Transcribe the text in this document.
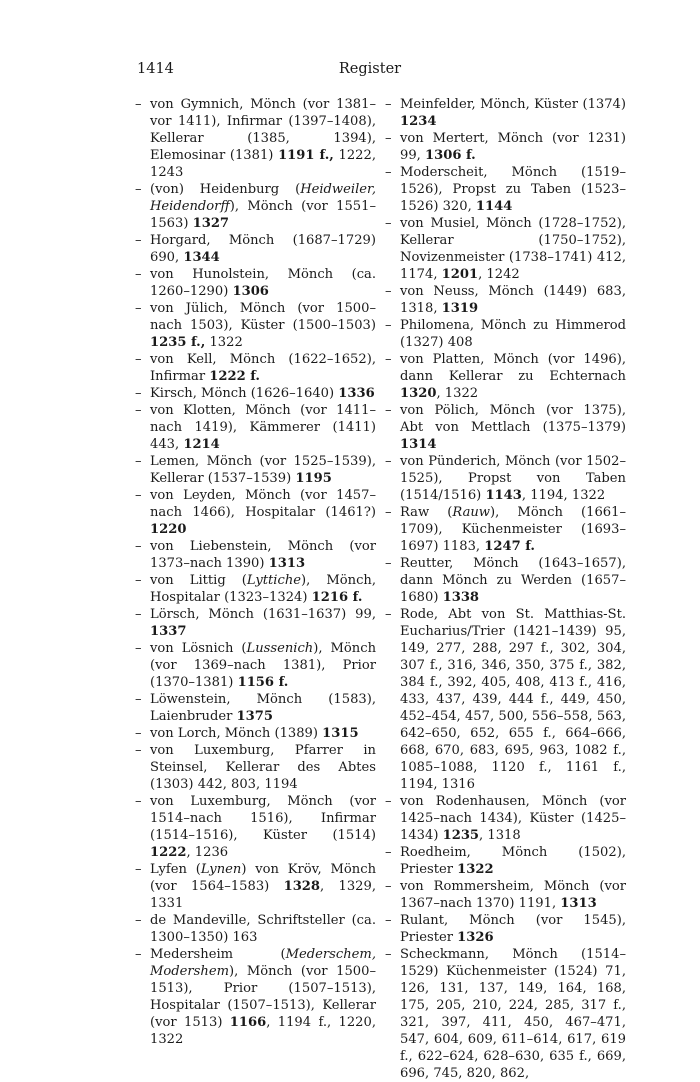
1414	Register

– von Gymnich, Mönch (vor 1381–vor 1411), Infirmar (1397–1408), Kellerar (1385, 1394), Elemosinar (1381) 1191 f., 1222, 1243

– (von) Heidenburg (Heidweiler, Heidendorff), Mönch (vor 1551–1563) 1327

– Horgard, Mönch (1687–1729) 690, 1344

– von Hunolstein, Mönch (ca. 1260–1290) 1306

– von Jülich, Mönch (vor 1500–nach 1503), Küster (1500–1503) 1235 f., 1322

– von Kell, Mönch (1622–1652), Infirmar 1222 f.

– Kirsch, Mönch (1626–1640) 1336

– von Klotten, Mönch (vor 1411–nach 1419), Kämmerer (1411) 443, 1214

– Lemen, Mönch (vor 1525–1539), Kellerar (1537–1539) 1195

– von Leyden, Mönch (vor 1457–nach 1466), Hospitalar (1461?) 1220

– von Liebenstein, Mönch (vor 1373–nach 1390) 1313

– von Littig (Lyttiche), Mönch, Hospitalar (1323–1324) 1216 f.

– Lörsch, Mönch (1631–1637) 99, 1337

– von Lösnich (Lussenich), Mönch (vor 1369–nach 1381), Prior (1370–1381) 1156 f.

– Löwenstein, Mönch (1583), Laienbruder 1375

– von Lorch, Mönch (1389) 1315

– von Luxemburg, Pfarrer in Steinsel, Kellerar des Abtes (1303) 442, 803, 1194

– von Luxemburg, Mönch (vor 1514–nach 1516), Infirmar (1514–1516), Küster (1514) 1222, 1236

– Lyfen (Lynen) von Kröv, Mönch (vor 1564–1583) 1328, 1329, 1331

– de Mandeville, Schriftsteller (ca. 1300–1350) 163

– Medersheim (Mederschem, Modershem), Mönch (vor 1500–1513), Prior (1507–1513), Hospitalar (1507–1513), Kellerar (vor 1513) 1166, 1194 f., 1220, 1322

– Meinfelder, Mönch, Küster (1374) 1234

– von Mertert, Mönch (vor 1231) 99, 1306 f.

– Moderscheit, Mönch (1519–1526), Propst zu Taben (1523–1526) 320, 1144

– von Musiel, Mönch (1728–1752), Kellerar (1750–1752), Novizenmeister (1738–1741) 412, 1174, 1201, 1242

– von Neuss, Mönch (1449) 683, 1318, 1319

– Philomena, Mönch zu Himmerod (1327) 408

– von Platten, Mönch (vor 1496), dann Kellerar zu Echternach 1320, 1322

– von Pölich, Mönch (vor 1375), Abt von Mettlach (1375–1379) 1314

– von Pünderich, Mönch (vor 1502–1525), Propst von Taben (1514/1516) 1143, 1194, 1322

– Raw (Rauw), Mönch (1661–1709), Küchenmeister (1693–1697) 1183, 1247 f.

– Reutter, Mönch (1643–1657), dann Mönch zu Werden (1657–1680) 1338

– Rode, Abt von St. Matthias-St. Eucharius/Trier (1421–1439) 95, 149, 277, 288, 297 f., 302, 304, 307 f., 316, 346, 350, 375 f., 382, 384 f., 392, 405, 408, 413 f., 416, 433, 437, 439, 444 f., 449, 450, 452–454, 457, 500, 556–558, 563, 642–650, 652, 655 f., 664–666, 668, 670, 683, 695, 963, 1082 f., 1085–1088, 1120 f., 1161 f., 1194, 1316

– von Rodenhausen, Mönch (vor 1425–nach 1434), Küster (1425–1434) 1235, 1318

– Roedheim, Mönch (1502), Priester 1322

– von Rommersheim, Mönch (vor 1367–nach 1370) 1191, 1313

– Rulant, Mönch (vor 1545), Priester 1326

– Scheckmann, Mönch (1514–1529) Küchenmeister (1524) 71, 126, 131, 137, 149, 164, 168, 175, 205, 210, 224, 285, 317 f., 321, 397, 411, 450, 467–471, 547, 604, 609, 611–614, 617, 619 f., 622–624, 628–630, 635 f., 669, 696, 745, 820, 862,
